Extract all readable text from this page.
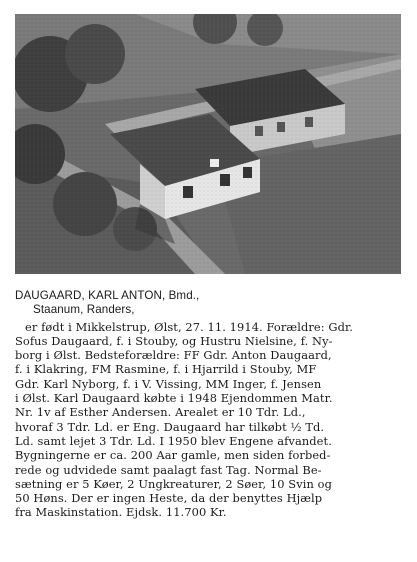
DAUGAARD, KARL ANTON, Bmd.,

Staanum, Randers,

er født i Mikkelstrup, Ølst, 27. 11. 1914. Forældre: Gdr.
Sofus Daugaard, f. i Stouby, og Hustru Nielsine, f. Ny-
borg i Ølst. Bedsteforældre: FF Gdr. Anton Daugaard,
f. i Klakring, FM Rasmine, f. i Hjarrild i Stouby, MF
Gdr. Karl Nyborg, f. i V. Vissing, MM Inger, f. Jensen
i Ølst. Karl Daugaard købte i 1948 Ejendommen Matr.
Nr. 1v af Esther Andersen. Arealet er 10 Tdr. Ld.,
hvoraf 3 Tdr. Ld. er Eng. Daugaard har tilkøbt ½ Td.
Ld. samt lejet 3 Tdr. Ld. I 1950 blev Engene afvandet.
Bygningerne er ca. 200 Aar gamle, men siden forbed-
rede og udvidede samt paalagt fast Tag. Normal Be-
sætning er 5 Køer, 2 Ungkreaturer, 2 Søer, 10 Svin og
50 Høns. Der er ingen Heste, da der benyttes Hjælp
fra Maskinstation. Ejdsk. 11.700 Kr.
